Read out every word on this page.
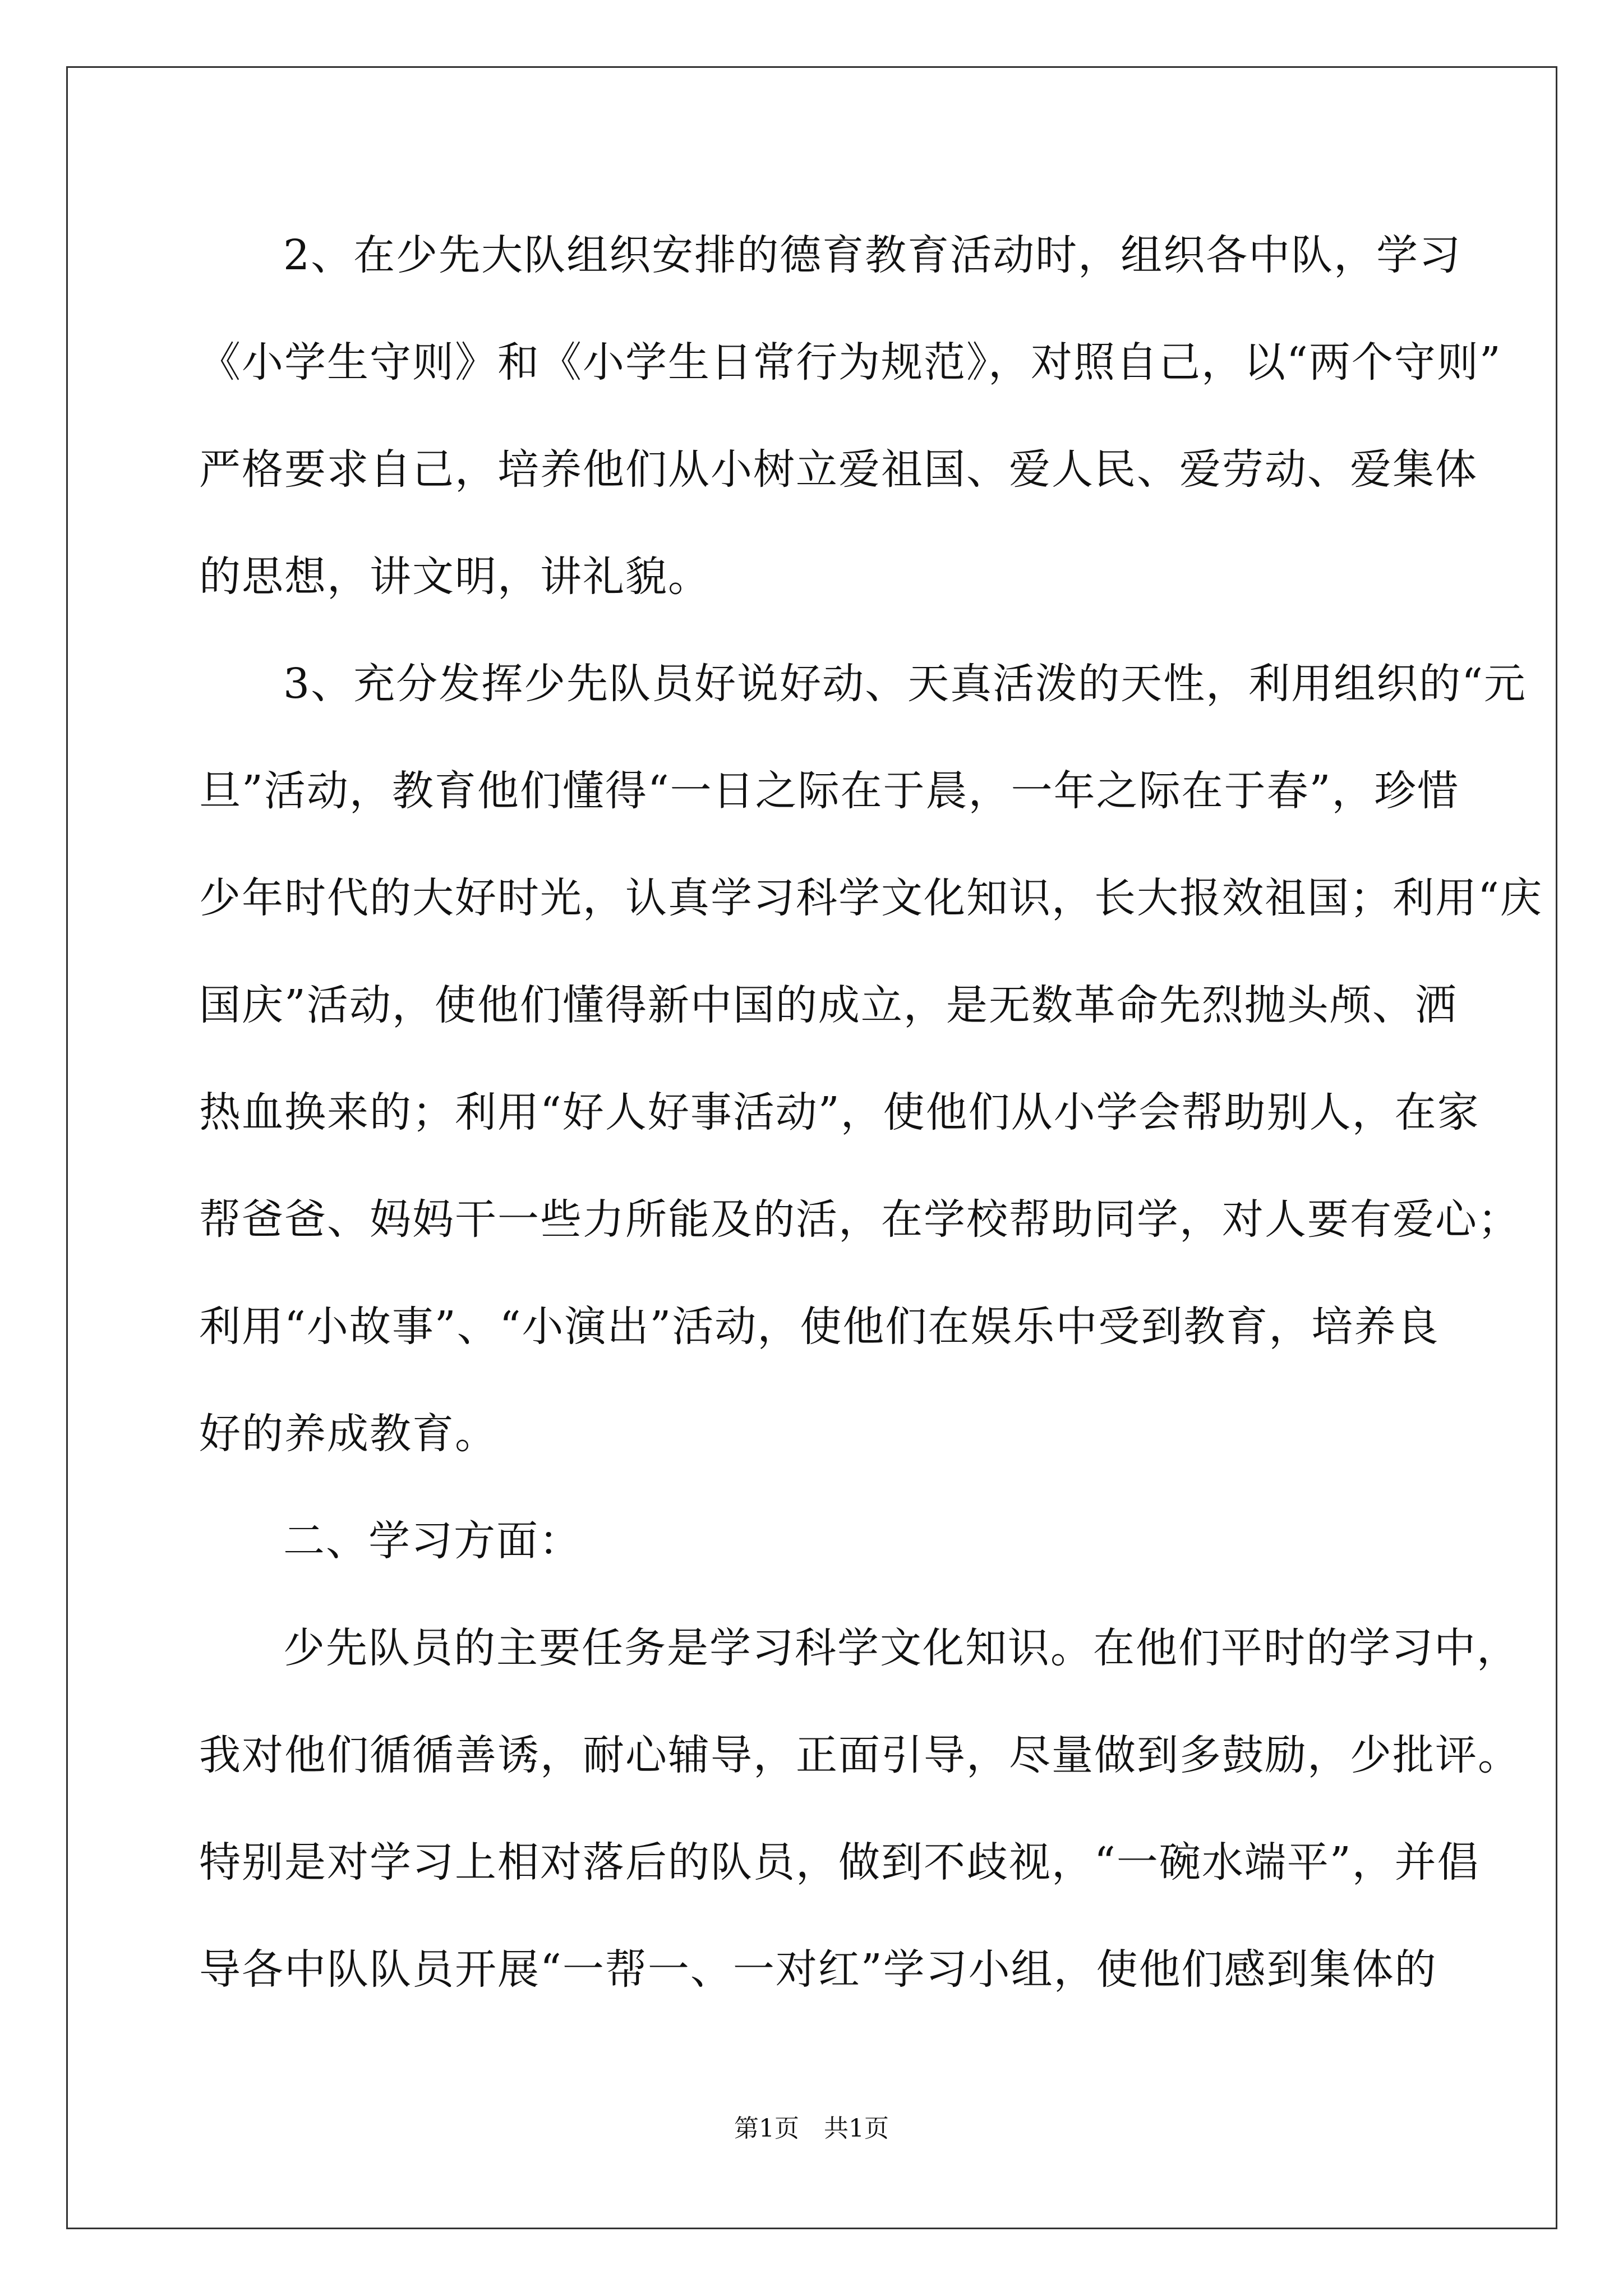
2、在少先大队组织安排的德育教育活动时，组织各中队，学习
《小学生守则》和《小学生日常行为规范》，对照自己，以“两个守则”
严格要求自己，培养他们从小树立爱祖国、爱人民、爱劳动、爱集体
的思想，讲文明，讲礼貌。
3、充分发挥少先队员好说好动、天真活泼的天性，利用组织的“元
旦”活动，教育他们懂得“一日之际在于晨，一年之际在于春”，珍惜
少年时代的大好时光，认真学习科学文化知识，长大报效祖国；利用“庆
国庆”活动，使他们懂得新中国的成立，是无数革命先烈抛头颅、洒
热血换来的；利用“好人好事活动”，使他们从小学会帮助别人，在家
帮爸爸、妈妈干一些力所能及的活，在学校帮助同学，对人要有爱心；
利用“小故事”、“小演出”活动，使他们在娱乐中受到教育，培养良
好的养成教育。
二、学习方面：
少先队员的主要任务是学习科学文化知识。在他们平时的学习中，
我对他们循循善诱，耐心辅导，正面引导，尽量做到多鼓励，少批评。
特别是对学习上相对落后的队员，做到不歧视，“一碗水端平”，并倡
导各中队队员开展“一帮一、一对红”学习小组，使他们感到集体的
第1页　共1页
